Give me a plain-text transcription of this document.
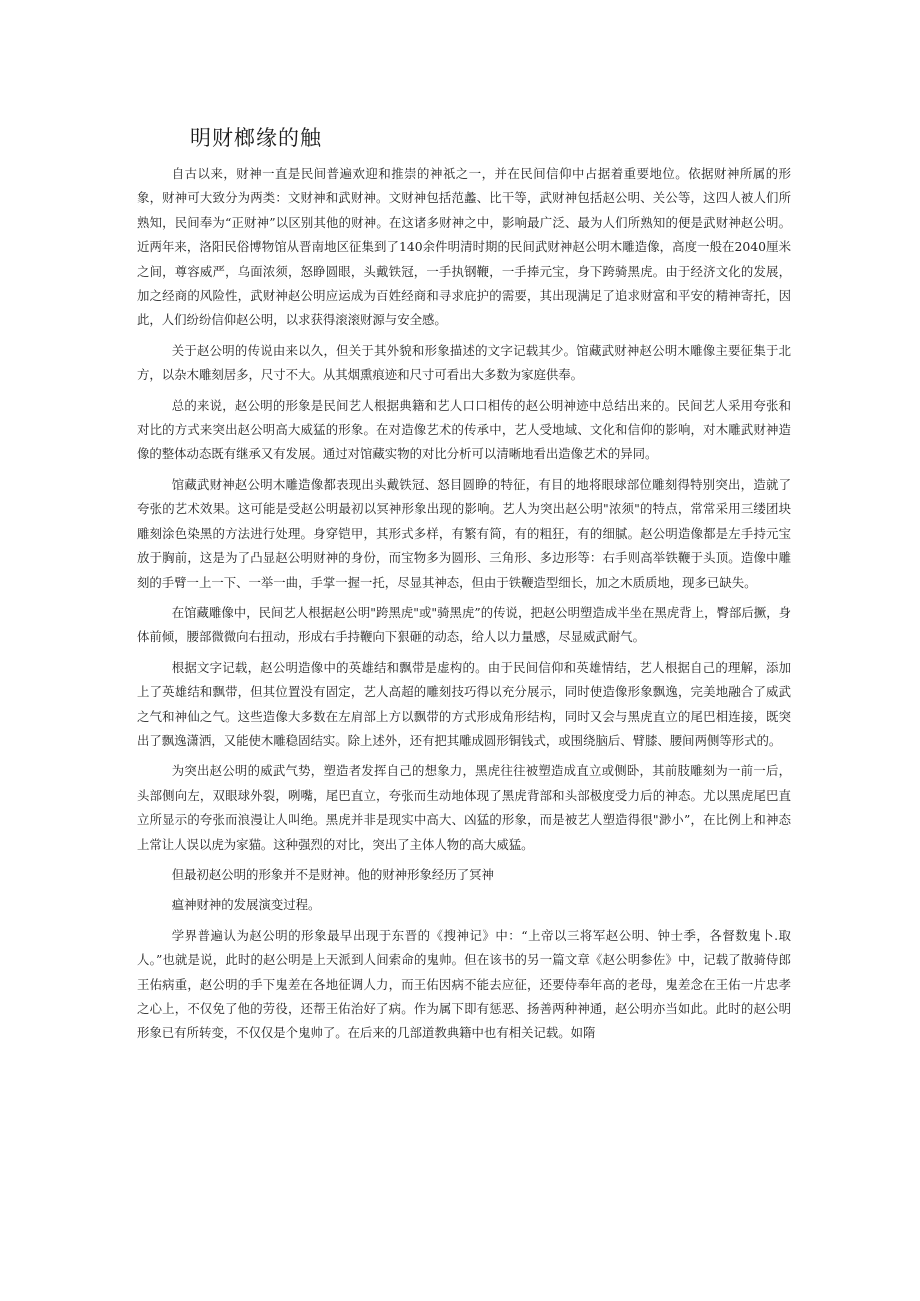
明财榔缘的触

自古以来，财神一直是民间普遍欢迎和推崇的神祇之一，并在民间信仰中占据着重要地位。依据财神所属的形象，财神可大致分为两类：文财神和武财神。文财神包括范蠡、比干等，武财神包括赵公明、关公等，这四人被人们所熟知，民间奉为“正财神”以区别其他的财神。在这诸多财神之中，影响最广泛、最为人们所熟知的便是武财神赵公明。近两年来，洛阳民俗博物馆从晋南地区征集到了140余件明清时期的民间武财神赵公明木雕造像，高度一般在2040厘米之间，尊容威严，乌面浓须，怒睁圆眼，头戴铁冠，一手执钢鞭，一手捧元宝，身下跨骑黑虎。由于经济文化的发展，加之经商的风险性，武财神赵公明应运成为百姓经商和寻求庇护的需要，其出现满足了追求财富和平安的精神寄托，因此，人们纷纷信仰赵公明，以求获得滚滚财源与安全感。

关于赵公明的传说由来以久，但关于其外貌和形象描述的文字记载其少。馆藏武财神赵公明木雕像主要征集于北方，以杂木雕刻居多，尺寸不大。从其烟熏痕迹和尺寸可看出大多数为家庭供奉。

总的来说，赵公明的形象是民间艺人根据典籍和艺人口口相传的赵公明神迹中总结出来的。民间艺人采用夸张和对比的方式来突出赵公明高大威猛的形象。在对造像艺术的传承中，艺人受地域、文化和信仰的影响，对木雕武财神造像的整体动态既有继承又有发展。通过对馆藏实物的对比分析可以清晰地看出造像艺术的异同。

馆藏武财神赵公明木雕造像都表现出头戴铁冠、怒目圆睁的特征，有目的地将眼球部位雕刻得特别突出，造就了夸张的艺术效果。这可能是受赵公明最初以冥神形象出现的影响。艺人为突出赵公明"浓须"的特点，常常采用三缕团块雕刻涂色染黑的方法进行处理。身穿铠甲，其形式多样，有繁有简，有的粗狂，有的细腻。赵公明造像都是左手持元宝放于胸前，这是为了凸显赵公明财神的身份，而宝物多为圆形、三角形、多边形等：右手则高举铁鞭于头顶。造像中雕刻的手臂一上一下、一举一曲，手掌一握一托，尽显其神态，但由于铁鞭造型细长，加之木质质地，现多已缺失。

在馆藏雕像中，民间艺人根据赵公明"跨黑虎"或"骑黑虎”的传说，把赵公明塑造成半坐在黑虎背上，臀部后撅，身体前倾，腰部微微向右扭动，形成右手持鞭向下狠砸的动态，给人以力量感，尽显威武耐气。

根据文字记载，赵公明造像中的英雄结和飘带是虚构的。由于民间信仰和英雄情结，艺人根据自己的理解，添加上了英雄结和飘带，但其位置没有固定，艺人高超的雕刻技巧得以充分展示，同时使造像形象飘逸，完美地融合了威武之气和神仙之气。这些造像大多数在左肩部上方以飘带的方式形成角形结构，同时又会与黑虎直立的尾巴相连接，既突出了飘逸潇洒，又能使木雕稳固结实。除上述外，还有把其雕成圆形铜钱式，或围绕脑后、臂膝、腰间两侧等形式的。

为突出赵公明的威武气势，塑造者发挥自己的想象力，黑虎往往被塑造成直立或侧卧，其前肢雕刻为一前一后，头部侧向左，双眼球外裂，咧嘴，尾巴直立，夸张而生动地体现了黑虎背部和头部极度受力后的神态。尤以黑虎尾巴直立所显示的夸张而浪漫让人叫绝。黑虎并非是现实中高大、凶猛的形象，而是被艺人塑造得很"渺小”，在比例上和神态上常让人误以虎为家猫。这种强烈的对比，突出了主体人物的高大威猛。

但最初赵公明的形象并不是财神。他的财神形象经历了冥神

瘟神财神的发展演变过程。

学界普遍认为赵公明的形象最早出现于东晋的《搜神记》中：“上帝以三将军赵公明、钟士季，各督数鬼卜.取人。”也就是说，此时的赵公明是上天派到人间索命的鬼帅。但在该书的另一篇文章《赵公明参佐》中，记载了散骑侍郎王佑病重，赵公明的手下鬼差在各地征调人力，而王佑因病不能去应征，还要侍奉年高的老母，鬼差念在王佑一片忠孝之心上，不仅免了他的劳役，还帮王佑治好了病。作为属下即有惩恶、扬善两种神通，赵公明亦当如此。此时的赵公明形象已有所转变，不仅仅是个鬼帅了。在后来的几部道教典籍中也有相关记载。如隋
